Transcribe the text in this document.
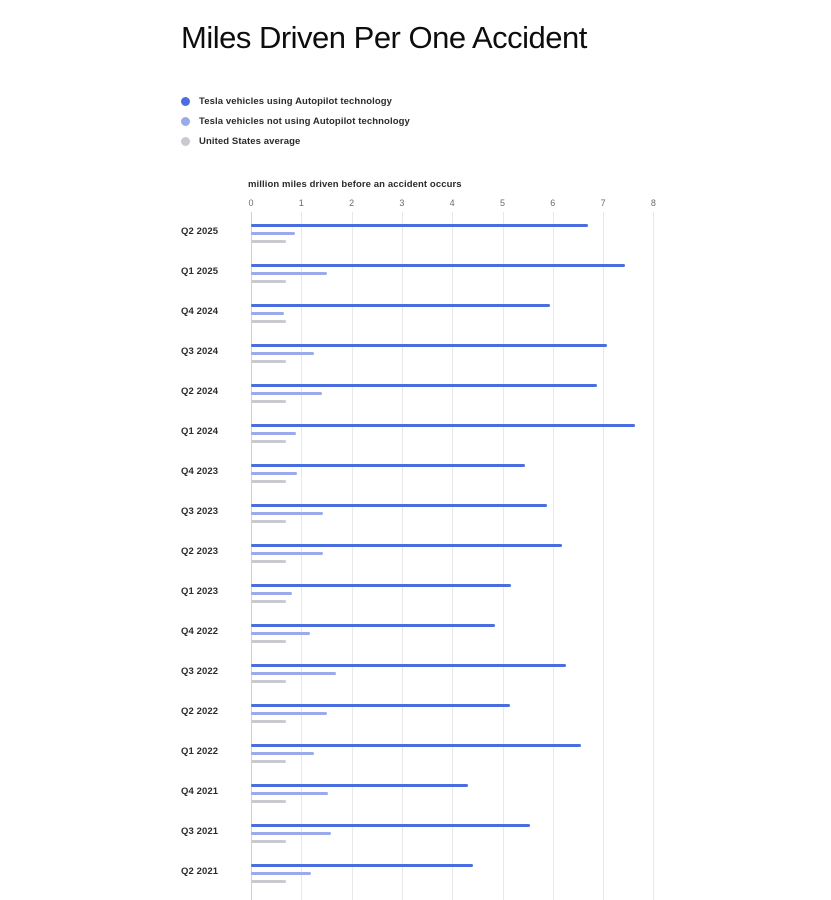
Miles Driven Per One Accident
Tesla vehicles using Autopilot technology
Tesla vehicles not using Autopilot technology
United States average
million miles driven before an accident occurs
0	1	2	3	4	5	6	7	8
Q2 2025
Q1 2025
Q4 2024
Q3 2024
Q2 2024
Q1 2024
Q4 2023
Q3 2023
Q2 2023
Q1 2023
Q4 2022
Q3 2022
Q2 2022
Q1 2022
Q4 2021
Q3 2021
Q2 2021
